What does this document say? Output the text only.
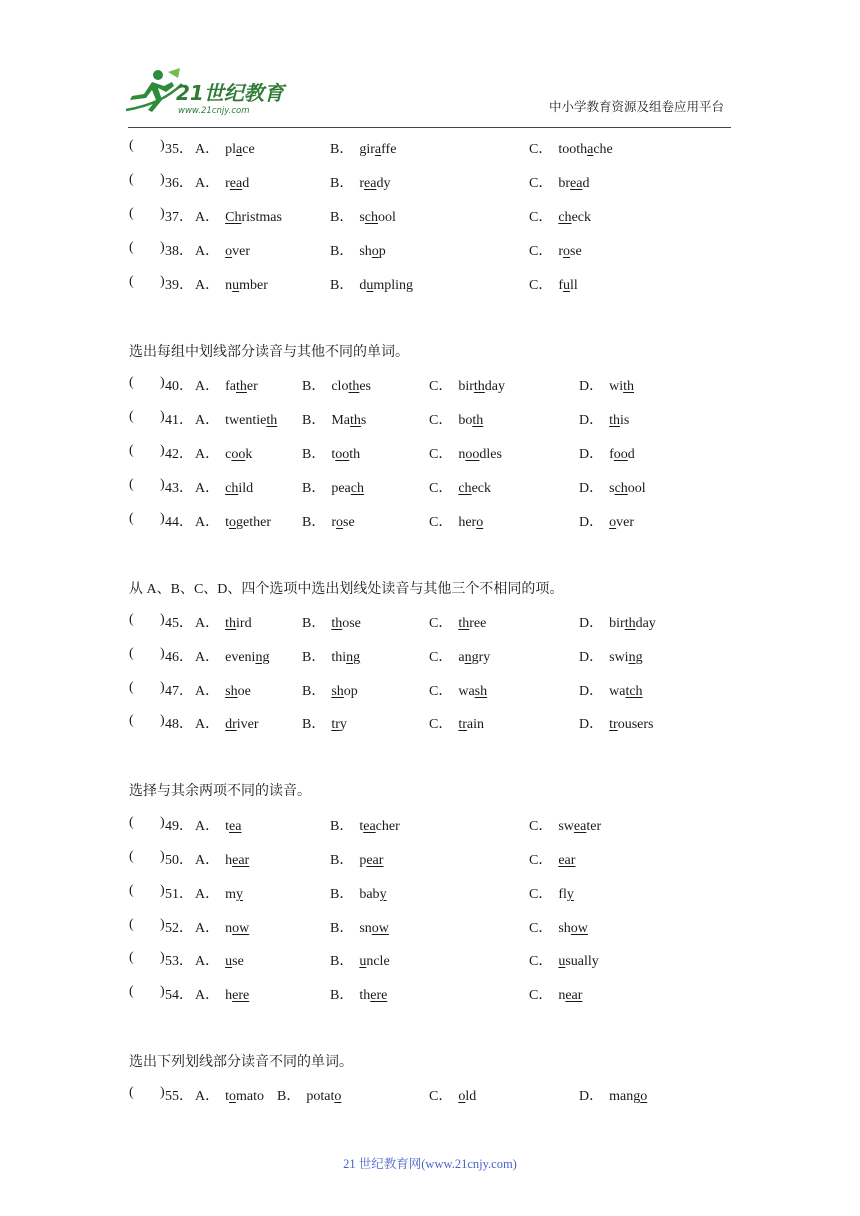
21世纪教育
www.21cnjy.com	中小学教育资源及组卷应用平台
( ) 35． A． place	B． giraffe	C． toothache
( ) 36． A． read	B． ready	C． bread
( ) 37． A． Christmas	B． school	C． check
( ) 38． A． over	B． shop	C． rose
( ) 39． A． number	B． dumpling	C． full
选出每组中划线部分读音与其他不同的单词。
( ) 40． A． father	B． clothes	C． birthday	D． with
( ) 41． A． twentieth B． Maths	C． both	D． this
( ) 42． A． cook	B． tooth	C． noodles	D． food
( ) 43． A． child	B． peach	C． check	D． school
( ) 44． A． together B． rose	C． hero	D． over
从 A、B、C、D、四个选项中选出划线处读音与其他三个不相同的项。
( ) 45． A． third	B． those	C． three	D． birthday
( ) 46． A． evening B． thing	C． angry	D． swing
( ) 47． A． shoe	B． shop	C． wash	D． watch
( ) 48． A． driver	B． try	C． train	D． trousers
选择与其余两项不同的读音。
( ) 49． A． tea	B． teacher	C． sweater
( ) 50． A． hear	B． pear	C． ear
( ) 51． A． my	B． baby	C． fly
( ) 52． A． now	B． snow	C． show
( ) 53． A． use	B． uncle	C． usually
( ) 54． A． here	B． there	C． near
选出下列划线部分读音不同的单词。
( ) 55． A． tomato B． potato	C． old	D． mango
21 世纪教育网(www.21cnjy.com)
